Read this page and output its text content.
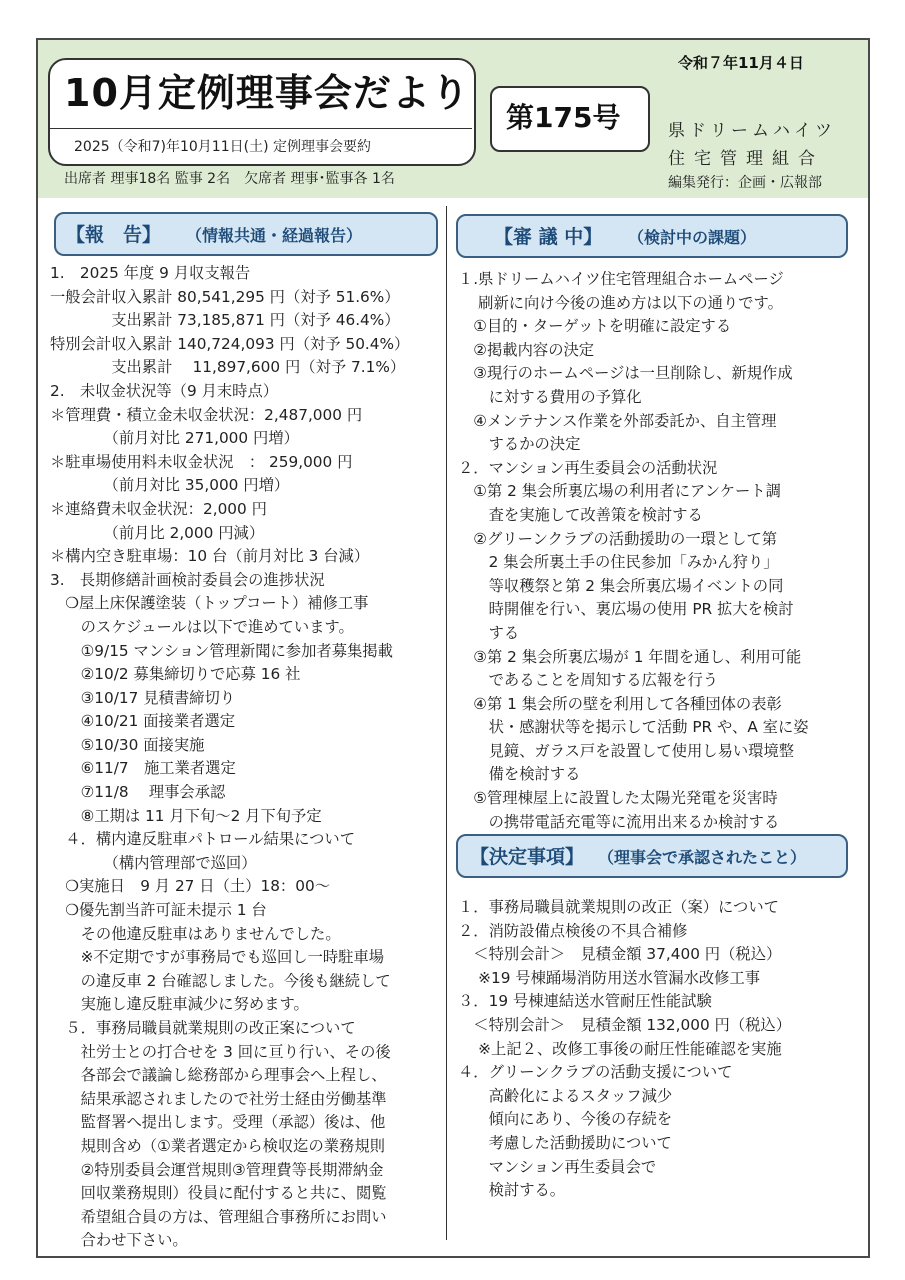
10月定例理事会だより
2025（令和7)年10月11日(土) 定例理事会要約
出席者 理事18名 監事 2名　欠席者 理事･監事各 1名
第175号
令和７年11月４日
県ドリームハイツ
住宅管理組合
編集発行：企画・広報部
【報　告】 （情報共通・経過報告）	【審 議 中】 （検討中の課題）
【決定事項】 （理事会で承認されたこと）
1.　2025 年度 9 月収支報告
一般会計収入累計 80,541,295 円（対予 51.6%）
　　　　支出累計 73,185,871 円（対予 46.4%）
特別会計収入累計 140,724,093 円（対予 50.4%）
　　　　支出累計　 11,897,600 円（対予 7.1%）
2.　未収金状況等（9 月末時点）
＊管理費・積立金未収金状況：2,487,000 円
　　　　（前月対比 271,000 円増）
＊駐車場使用料未収金状況　： 259,000 円
　　　　（前月対比 35,000 円増）
＊連絡費未収金状況：2,000 円
　　　　（前月比 2,000 円減）
＊構内空き駐車場：10 台（前月対比 3 台減）
3.　長期修繕計画検討委員会の進捗状況
　❍屋上床保護塗装（トップコート）補修工事
　　のスケジュールは以下で進めています。
　　①9/15 マンション管理新聞に参加者募集掲載
　　②10/2 募集締切りで応募 16 社
　　③10/17 見積書締切り
　　④10/21 面接業者選定
　　⑤10/30 面接実施
　　⑥11/7　施工業者選定
　　⑦11/8　 理事会承認
　　⑧工期は 11 月下旬～2 月下旬予定
　４．構内違反駐車パトロール結果について
　　　　（構内管理部で巡回）
　❍実施日　9 月 27 日（土）18：00～
　❍優先割当許可証未提示 1 台
　　その他違反駐車はありませんでした。
　　※不定期ですが事務局でも巡回し一時駐車場
　　の違反車 2 台確認しました。今後も継続して
　　実施し違反駐車減少に努めます。
　５．事務局職員就業規則の改正案について
　　社労士との打合せを 3 回に亘り行い、その後
　　各部会で議論し総務部から理事会へ上程し、
　　結果承認されましたので社労士経由労働基準
　　監督署へ提出します。受理（承認）後は、他
　　規則含め（①業者選定から検収迄の業務規則
　　②特別委員会運営規則③管理費等長期滞納金
　　回収業務規則）役員に配付すると共に、閲覧
　　希望組合員の方は、管理組合事務所にお問い
　　合わせ下さい。
１.県ドリームハイツ住宅管理組合ホームページ
　 刷新に向け今後の進め方は以下の通りです。
　①目的・ターゲットを明確に設定する
　②掲載内容の決定
　③現行のホームページは一旦削除し、新規作成
　　に対する費用の予算化
　④メンテナンス作業を外部委託か、自主管理
　　するかの決定
２．マンション再生委員会の活動状況
　①第 2 集会所裏広場の利用者にアンケート調
　　査を実施して改善策を検討する
　②グリーンクラブの活動援助の一環として第
　　2 集会所裏土手の住民参加「みかん狩り」
　　等収穫祭と第 2 集会所裏広場イベントの同
　　時開催を行い、裏広場の使用 PR 拡大を検討
　　する
　③第 2 集会所裏広場が 1 年間を通し、利用可能
　　であることを周知する広報を行う
　④第 1 集会所の壁を利用して各種団体の表彰
　　状・感謝状等を掲示して活動 PR や、A 室に姿
　　見鏡、ガラス戸を設置して使用し易い環境整
　　備を検討する
　⑤管理棟屋上に設置した太陽光発電を災害時
　　の携帯電話充電等に流用出来るか検討する
１．事務局職員就業規則の改正（案）について
２．消防設備点検後の不具合補修
　＜特別会計＞　見積金額 37,400 円（税込）
　 ※19 号棟踊場消防用送水管漏水改修工事
３．19 号棟連結送水管耐圧性能試験
　＜特別会計＞　見積金額 132,000 円（税込）
　 ※上記２、改修工事後の耐圧性能確認を実施
４．グリーンクラブの活動支援について
　　高齢化によるスタッフ減少
　　傾向にあり、今後の存続を
　　考慮した活動援助について
　　マンション再生委員会で
　　検討する。
